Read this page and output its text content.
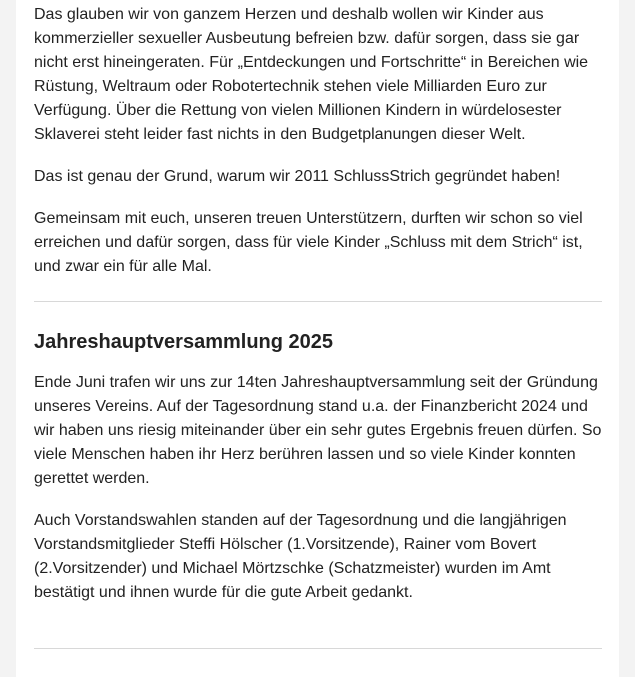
Das glauben wir von ganzem Herzen und deshalb wollen wir Kinder aus kommerzieller sexueller Ausbeutung befreien bzw. dafür sorgen, dass sie gar nicht erst hineingeraten. Für „Entdeckungen und Fortschritte“ in Bereichen wie Rüstung, Weltraum oder Robotertechnik stehen viele Milliarden Euro zur Verfügung. Über die Rettung von vielen Millionen Kindern in würdelosester Sklaverei steht leider fast nichts in den Budgetplanungen dieser Welt.

Das ist genau der Grund, warum wir 2011 SchlussStrich gegründet haben!

Gemeinsam mit euch, unseren treuen Unterstützern, durften wir schon so viel erreichen und dafür sorgen, dass für viele Kinder „Schluss mit dem Strich“ ist, und zwar ein für alle Mal.

Jahreshauptversammlung 2025

Ende Juni trafen wir uns zur 14ten Jahreshauptversammlung seit der Gründung unseres Vereins. Auf der Tagesordnung stand u.a. der Finanzbericht 2024 und wir haben uns riesig miteinander über ein sehr gutes Ergebnis freuen dürfen. So viele Menschen haben ihr Herz berühren lassen und so viele Kinder konnten gerettet werden.

Auch Vorstandswahlen standen auf der Tagesordnung und die langjährigen Vorstandsmitglieder Steffi Hölscher (1.Vorsitzende), Rainer vom Bovert (2.Vorsitzender) und Michael Mörtzschke (Schatzmeister) wurden im Amt bestätigt und ihnen wurde für die gute Arbeit gedankt.
